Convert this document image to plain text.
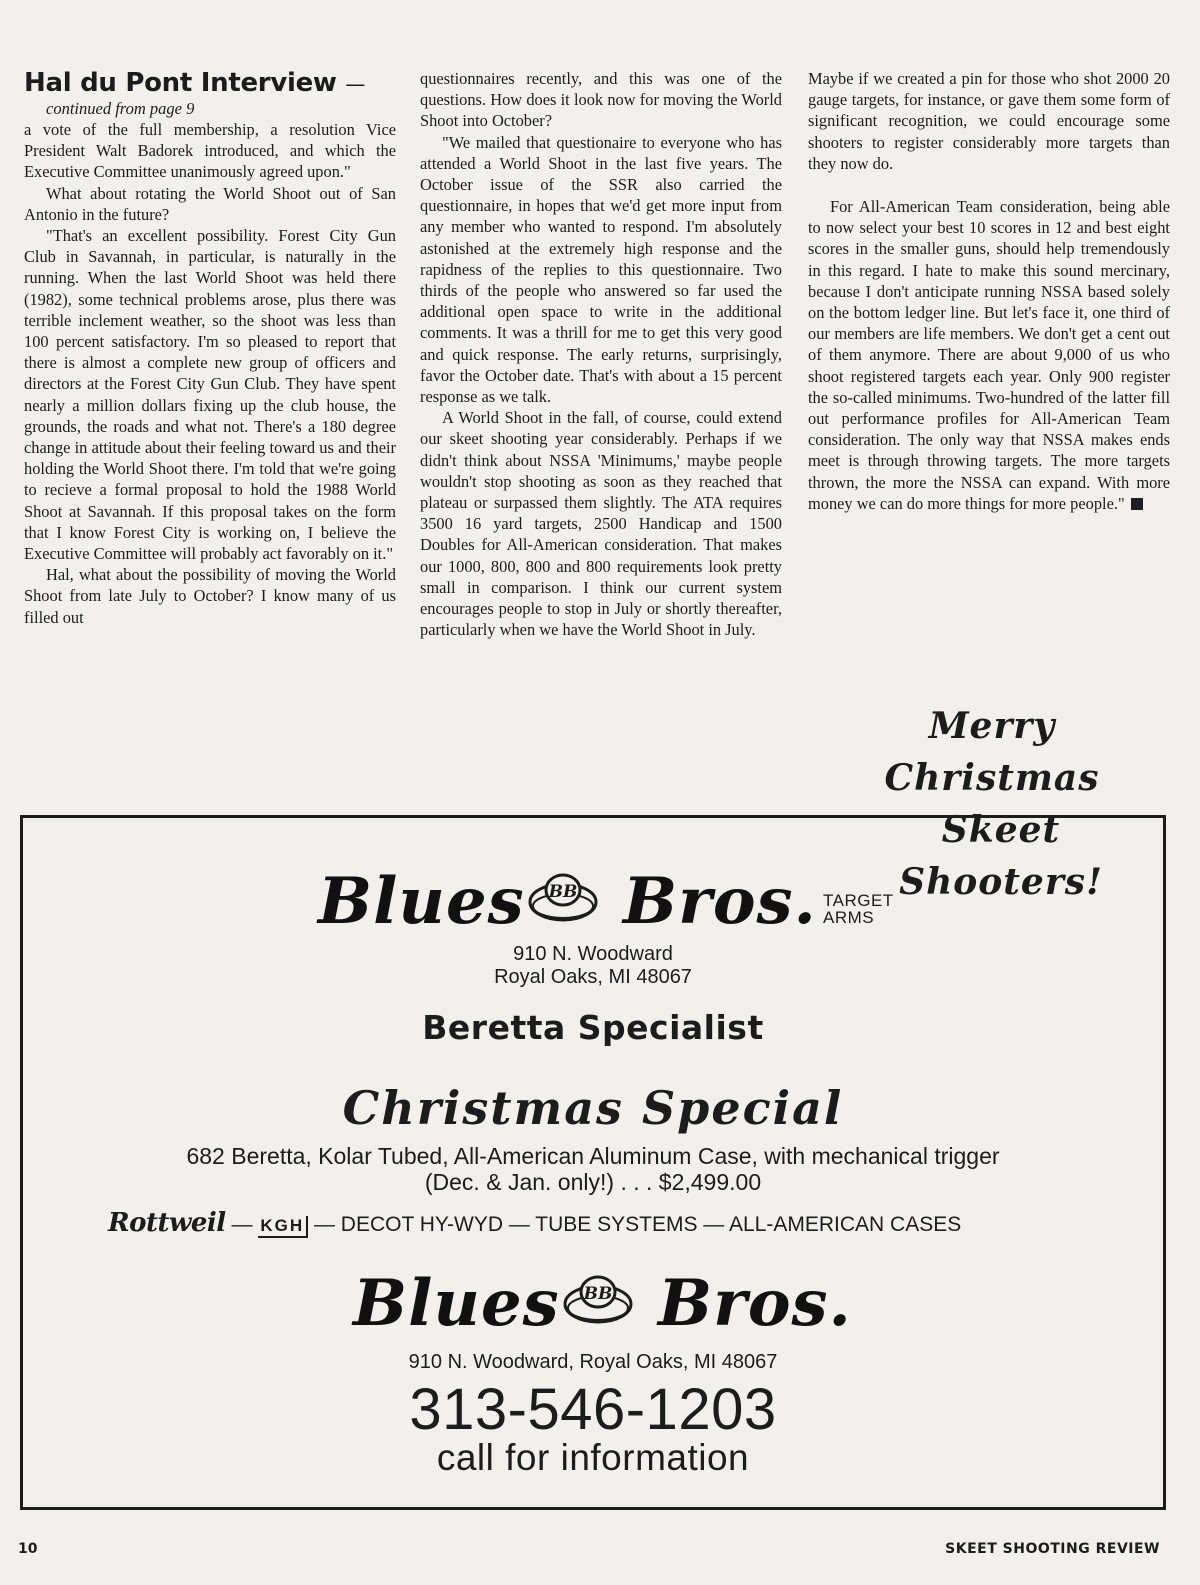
Hal du Pont Interview —

continued from page 9

a vote of the full membership, a resolution Vice President Walt Badorek introduced, and which the Executive Committee unanimously agreed upon."

What about rotating the World Shoot out of San Antonio in the future?

"That's an excellent possibility. Forest City Gun Club in Savannah, in particular, is naturally in the running. When the last World Shoot was held there (1982), some technical problems arose, plus there was terrible inclement weather, so the shoot was less than 100 percent satisfactory. I'm so pleased to report that there is almost a complete new group of officers and directors at the Forest City Gun Club. They have spent nearly a million dollars fixing up the club house, the grounds, the roads and what not. There's a 180 degree change in attitude about their feeling toward us and their holding the World Shoot there. I'm told that we're going to recieve a formal proposal to hold the 1988 World Shoot at Savannah. If this proposal takes on the form that I know Forest City is working on, I believe the Executive Committee will probably act favorably on it."

Hal, what about the possibility of moving the World Shoot from late July to October? I know many of us filled out

questionnaires recently, and this was one of the questions. How does it look now for moving the World Shoot into October?

"We mailed that questionaire to everyone who has attended a World Shoot in the last five years. The October issue of the SSR also carried the questionnaire, in hopes that we'd get more input from any member who wanted to respond. I'm absolutely astonished at the extremely high response and the rapidness of the replies to this questionnaire. Two thirds of the people who answered so far used the additional open space to write in the additional comments. It was a thrill for me to get this very good and quick response. The early returns, surprisingly, favor the October date. That's with about a 15 percent response as we talk.

A World Shoot in the fall, of course, could extend our skeet shooting year considerably. Perhaps if we didn't think about NSSA 'Minimums,' maybe people wouldn't stop shooting as soon as they reached that plateau or surpassed them slightly. The ATA requires 3500 16 yard targets, 2500 Handicap and 1500 Doubles for All-American consideration. That makes our 1000, 800, 800 and 800 requirements look pretty small in comparison. I think our current system encourages people to stop in July or shortly thereafter, particularly when we have the World Shoot in July.

Maybe if we created a pin for those who shot 2000 20 gauge targets, for instance, or gave them some form of significant recognition, we could encourage some shooters to register considerably more targets than they now do.

For All-American Team consideration, being able to now select your best 10 scores in 12 and best eight scores in the smaller guns, should help tremendously in this regard. I hate to make this sound mercinary, because I don't anticipate running NSSA based solely on the bottom ledger line. But let's face it, one third of our members are life members. We don't get a cent out of them anymore. There are about 9,000 of us who shoot registered targets each year. Only 900 register the so-called minimums. Two-hundred of the latter fill out performance profiles for All-American Team consideration. The only way that NSSA makes ends meet is through throwing targets. The more targets thrown, the more the NSSA can expand. With more money we can do more things for more people."

Merry Christmas
Skeet Shooters!
Blues BB Bros. TARGET
ARMS
910 N. Woodward
Royal Oaks, MI 48067
Beretta Specialist
Christmas Special
682 Beretta, Kolar Tubed, All-American Aluminum Case, with mechanical trigger
(Dec. & Jan. only!) . . . $2,499.00
Rottweil — KGH — DECOT HY-WYD — TUBE SYSTEMS — ALL-AMERICAN CASES
Blues BB Bros.
910 N. Woodward, Royal Oaks, MI 48067
313-546-1203
call for information
10	SKEET SHOOTING REVIEW
